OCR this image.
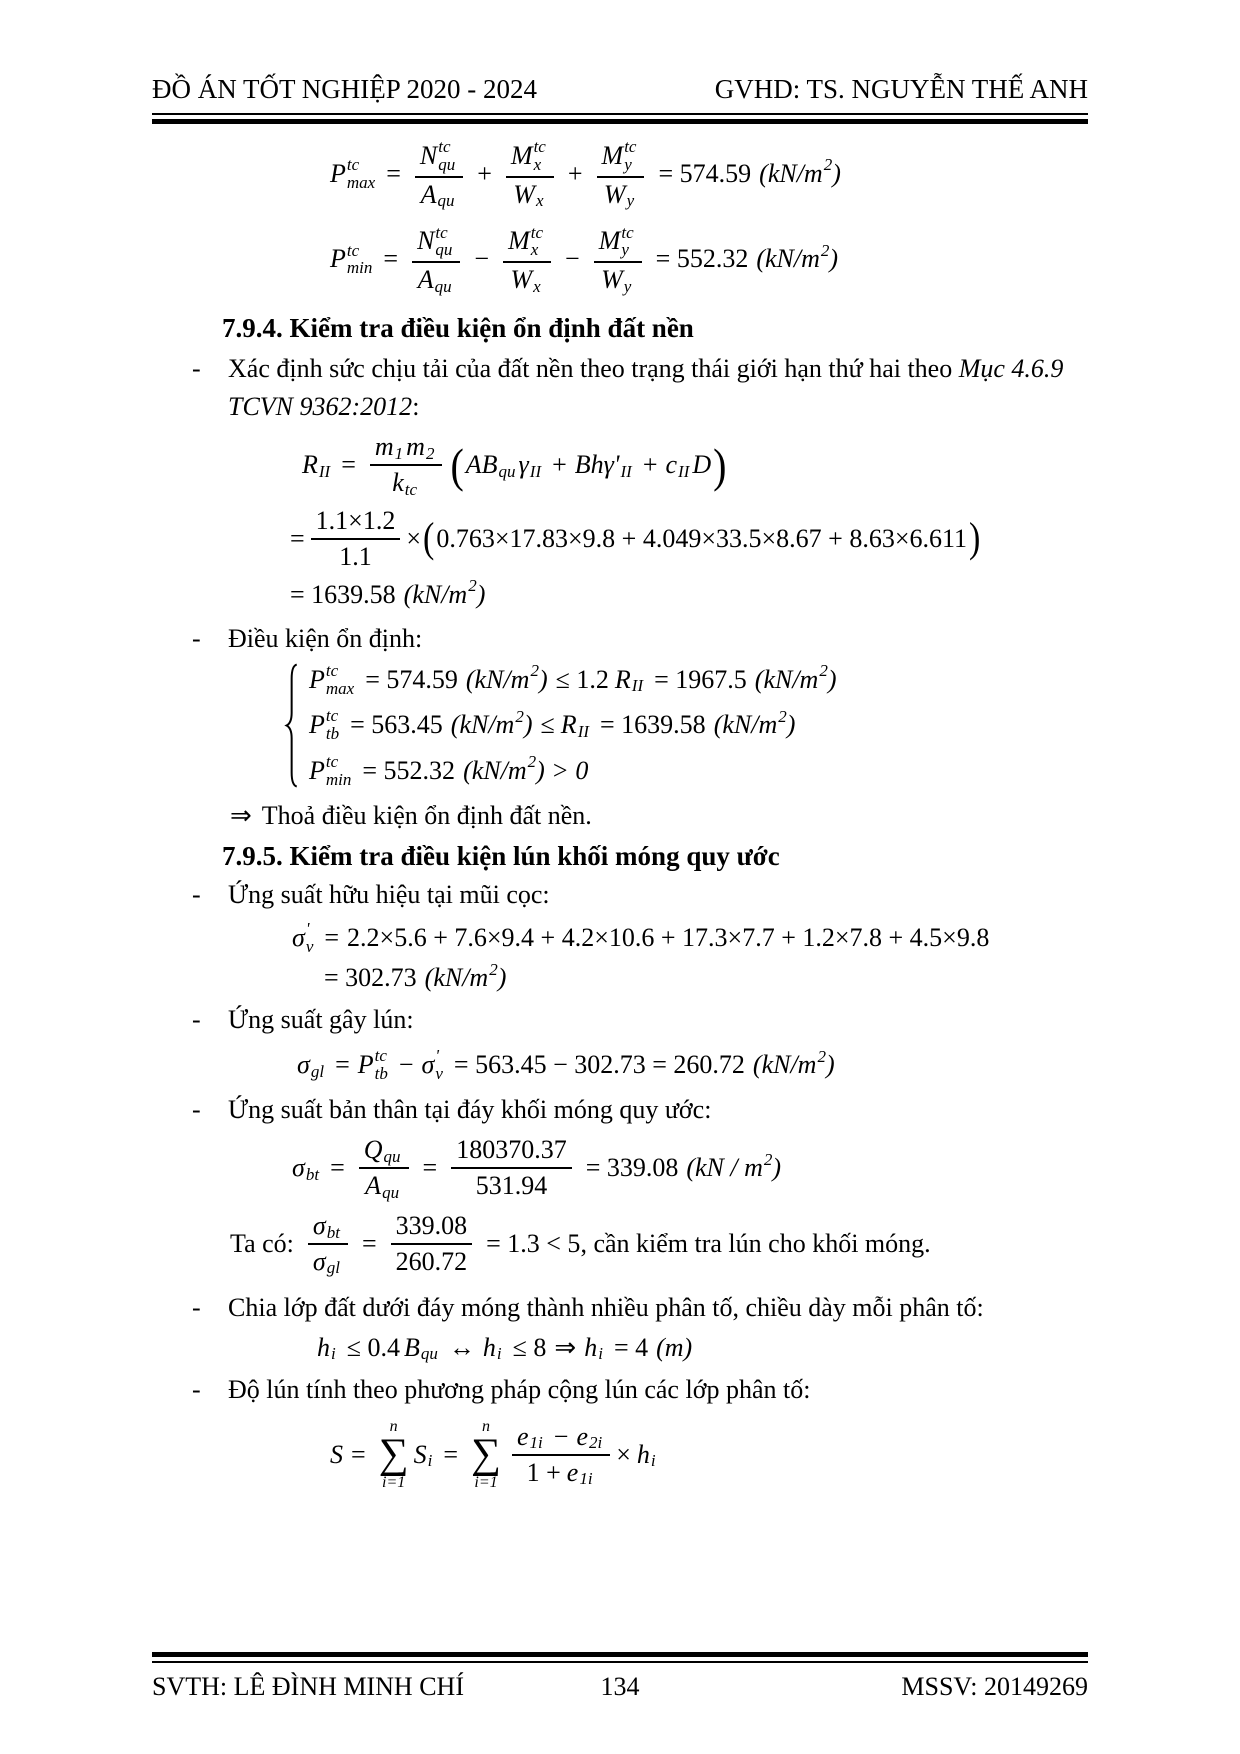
ĐỒ ÁN TỐT NGHIỆP 2020 - 2024	GVHD: TS. NGUYỄN THẾ ANH
P tc
max = N tc
qu
A qu + M tc
x
W x + M tc
y
W y = 574.59 (kN/m 2 )
P tc
min = N tc
qu
A qu − M tc
x
W x − M tc
y
W y = 552.32 (kN/m 2 )
7.9.4. Kiểm tra điều kiện ổn định đất nền
-	Xác định sức chịu tải của đất nền theo trạng thái giới hạn thứ hai theo Mục 4.6.9 TCVN 9362:2012:
R II = $\frac{m 1 m 2}{\text{k tc}}$ ( AB qu γ II + Bhγ' II + c II D )
= $\frac{1.1\times 1.2}{1.1}$ × ( 0.763×17.83×9.8 + 4.049×33.5×8.67 + 8.63×6.611 )
= 1639.58 (kN/m 2 )
-	Điều kiện ổn định:
P tc
max = 574.59 (kN/m 2 ) ≤ 1.2 R II = 1967.5 (kN/m 2 )
P tc
tb = 563.45 (kN/m 2 ) ≤ R II = 1639.58 (kN/m 2 )
P tc
min = 552.32 (kN/m 2 ) > 0
⇒ Thoả điều kiện ổn định đất nền.
7.9.5. Kiểm tra điều kiện lún khối móng quy ước
-	Ứng suất hữu hiệu tại mũi cọc:
σ '
v = 2.2×5.6 + 7.6×9.4 + 4.2×10.6 + 17.3×7.7 + 1.2×7.8 + 4.5×9.8
= 302.73 (kN/m 2 )
-	Ứng suất gây lún:
σ gl = P tc
tb − σ '
v = 563.45 − 302.73 = 260.72 (kN/m 2 )
-	Ứng suất bản thân tại đáy khối móng quy ước:
σ bt = $\frac{\text{Q qu}}{\text{A qu}} = \frac{180370.37}{531.94} = 339.08$ (kN / m 2 )
Ta có: $\frac{\text{σ bt}}{\text{σ gl}} = \frac{339.08}{260.72} = 1.3 < 5$ , cần kiểm tra lún cho khối móng.
-	Chia lớp đất dưới đáy móng thành nhiều phân tố, chiều dày mỗi phân tố:
h i ≤ 0.4 B qu ↔ h i ≤ 8 ⇒ h i = 4 (m)
-	Độ lún tính theo phương pháp cộng lún các lớp phân tố:
S =
n
∑
i=1
S i =
n
∑
$i=1 \frac{e 1i - e 2i}{1 + e 1i} \times h$ i
SVTH: LÊ ĐÌNH MINH CHÍ	134	MSSV: 20149269
